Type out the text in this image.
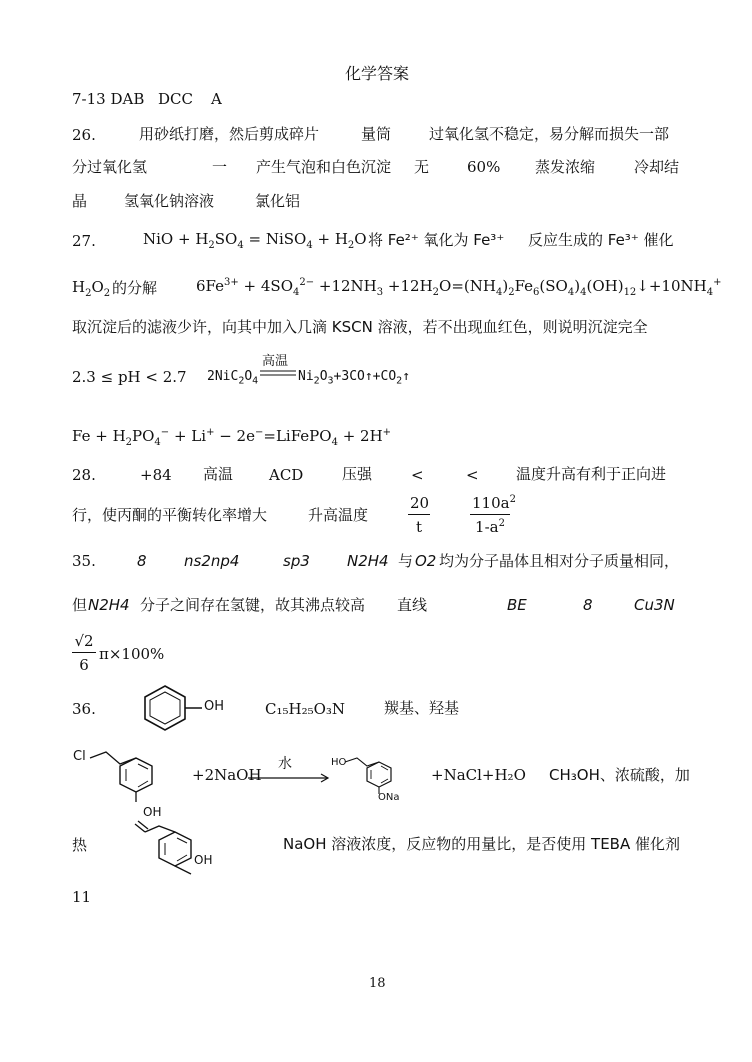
化学答案
7-13 DAB DCC A
26.	用砂纸打磨，然后剪成碎片	量筒	过氧化氢不稳定，易分解而损失一部
分过氧化氢	一 产生气泡和白色沉淀 无	60% 蒸发浓缩	冷却结
晶 氢氧化钠溶液	氯化铝
27.	NiO + $H_2SO_4$ = NiSO$_4$ + $H_2O$ 将 Fe²⁺ 氧化为 Fe³⁺ 反应生成的 Fe³⁺ 催化
$H_2O_2$ 的分解	$6Fe^{3+} + 4SO_4^{2-} +12NH_3$ $+12H_2O=(NH_4)_2Fe_6(SO_4)_4(OH)_{12}↓+10NH_4^+$
取沉淀后的滤液少许，向其中加入几滴 KSCN 溶液，若不出现血红色，则说明沉淀完全
2.3 ≤ pH < 2.7 $2NiC_2O_4$
高温
$Ni_2O_3+3CO↑+CO_2↑$
$Fe + H_2PO_4^- + Li^+$ − 2e−=LiFePO$_4$ + 2H+
28.	+84 高温 ACD	压强	<	< 温度升高有利于正向进
行，使丙酮的平衡转化率增大	升高温度	$\frac{20}{t}$	$\frac{110a^2}{1-a^2}$
35.	8 ns2np4	sp3 N2H4 与 O2 均为分子晶体且相对分子质量相同，
但 N2H4 分子之间存在氢键，故其沸点较高 直线	BE	8	Cu3N
$\frac{√2}{6} \pi\times 100\%$
36.	OH	C₁₅H₂₅O₃N	羰基、羟基
Cl
OH
+2NaOH
水	HO
ONa
+NaCl+H₂O CH₃OH、浓硫酸，加
热
OH
NaOH 溶液浓度，反应物的用量比，是否使用 TEBA 催化剂
11
18
